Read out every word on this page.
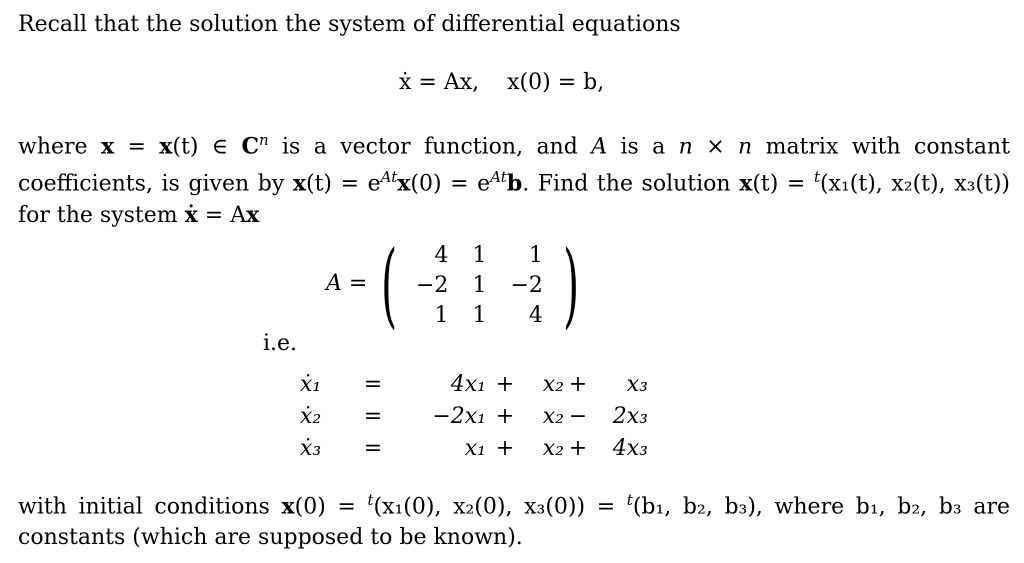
Recall that the solution the system of differential equations
ẋ = Ax, x(0) = b,
where x = x(t) ∈ $C^n$ is a vector function, and A is a n × n matrix with constant coefficients, is given by $x(t) = e^{At}x(0) = e^{At}b$. Find the solution x(t) = $^t$(x₁(t), x₂(t), x₃(t)) for the system ẋ = Ax
A = ( 4	1	1
−2	1	−2
1	1	4 )
i.e.
ẋ₁	=	4x₁	+	x₂	+	x₃
ẋ₂	=	−2x₁	+	x₂	−	2x₃
ẋ₃	=	x₁	+	x₂	+	4x₃
with initial conditions x(0) = $^t$(x₁(0), x₂(0), x₃(0)) = $^t$(b₁, b₂, b₃), where b₁, b₂, b₃ are constants (which are supposed to be known).
